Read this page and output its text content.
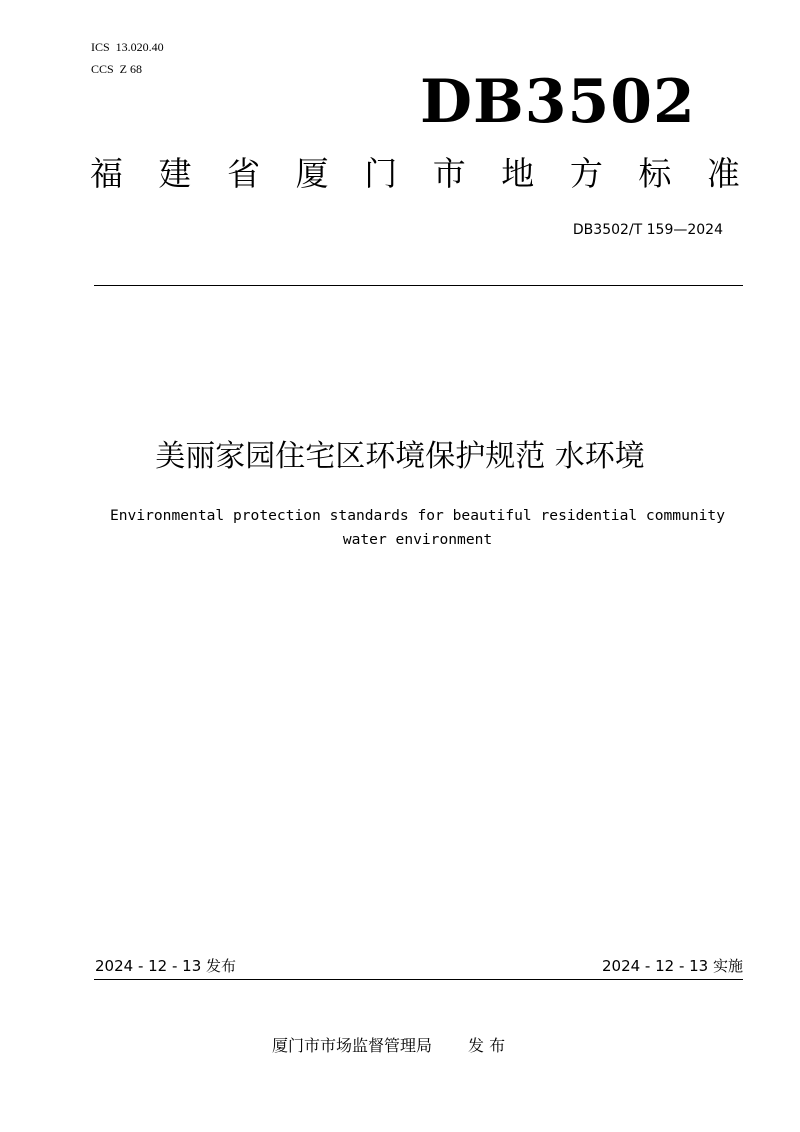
ICS  13.020.40
CCS  Z 68	DB3502
福 建 省 厦 门 市 地 方 标 准
DB3502/T 159—2024
美丽家园住宅区环境保护规范 水环境
Environmental protection standards for beautiful residential community
water environment
2024 - 12 - 13 发布	2024 - 12 - 13 实施
厦门市市场监督管理局 发 布
